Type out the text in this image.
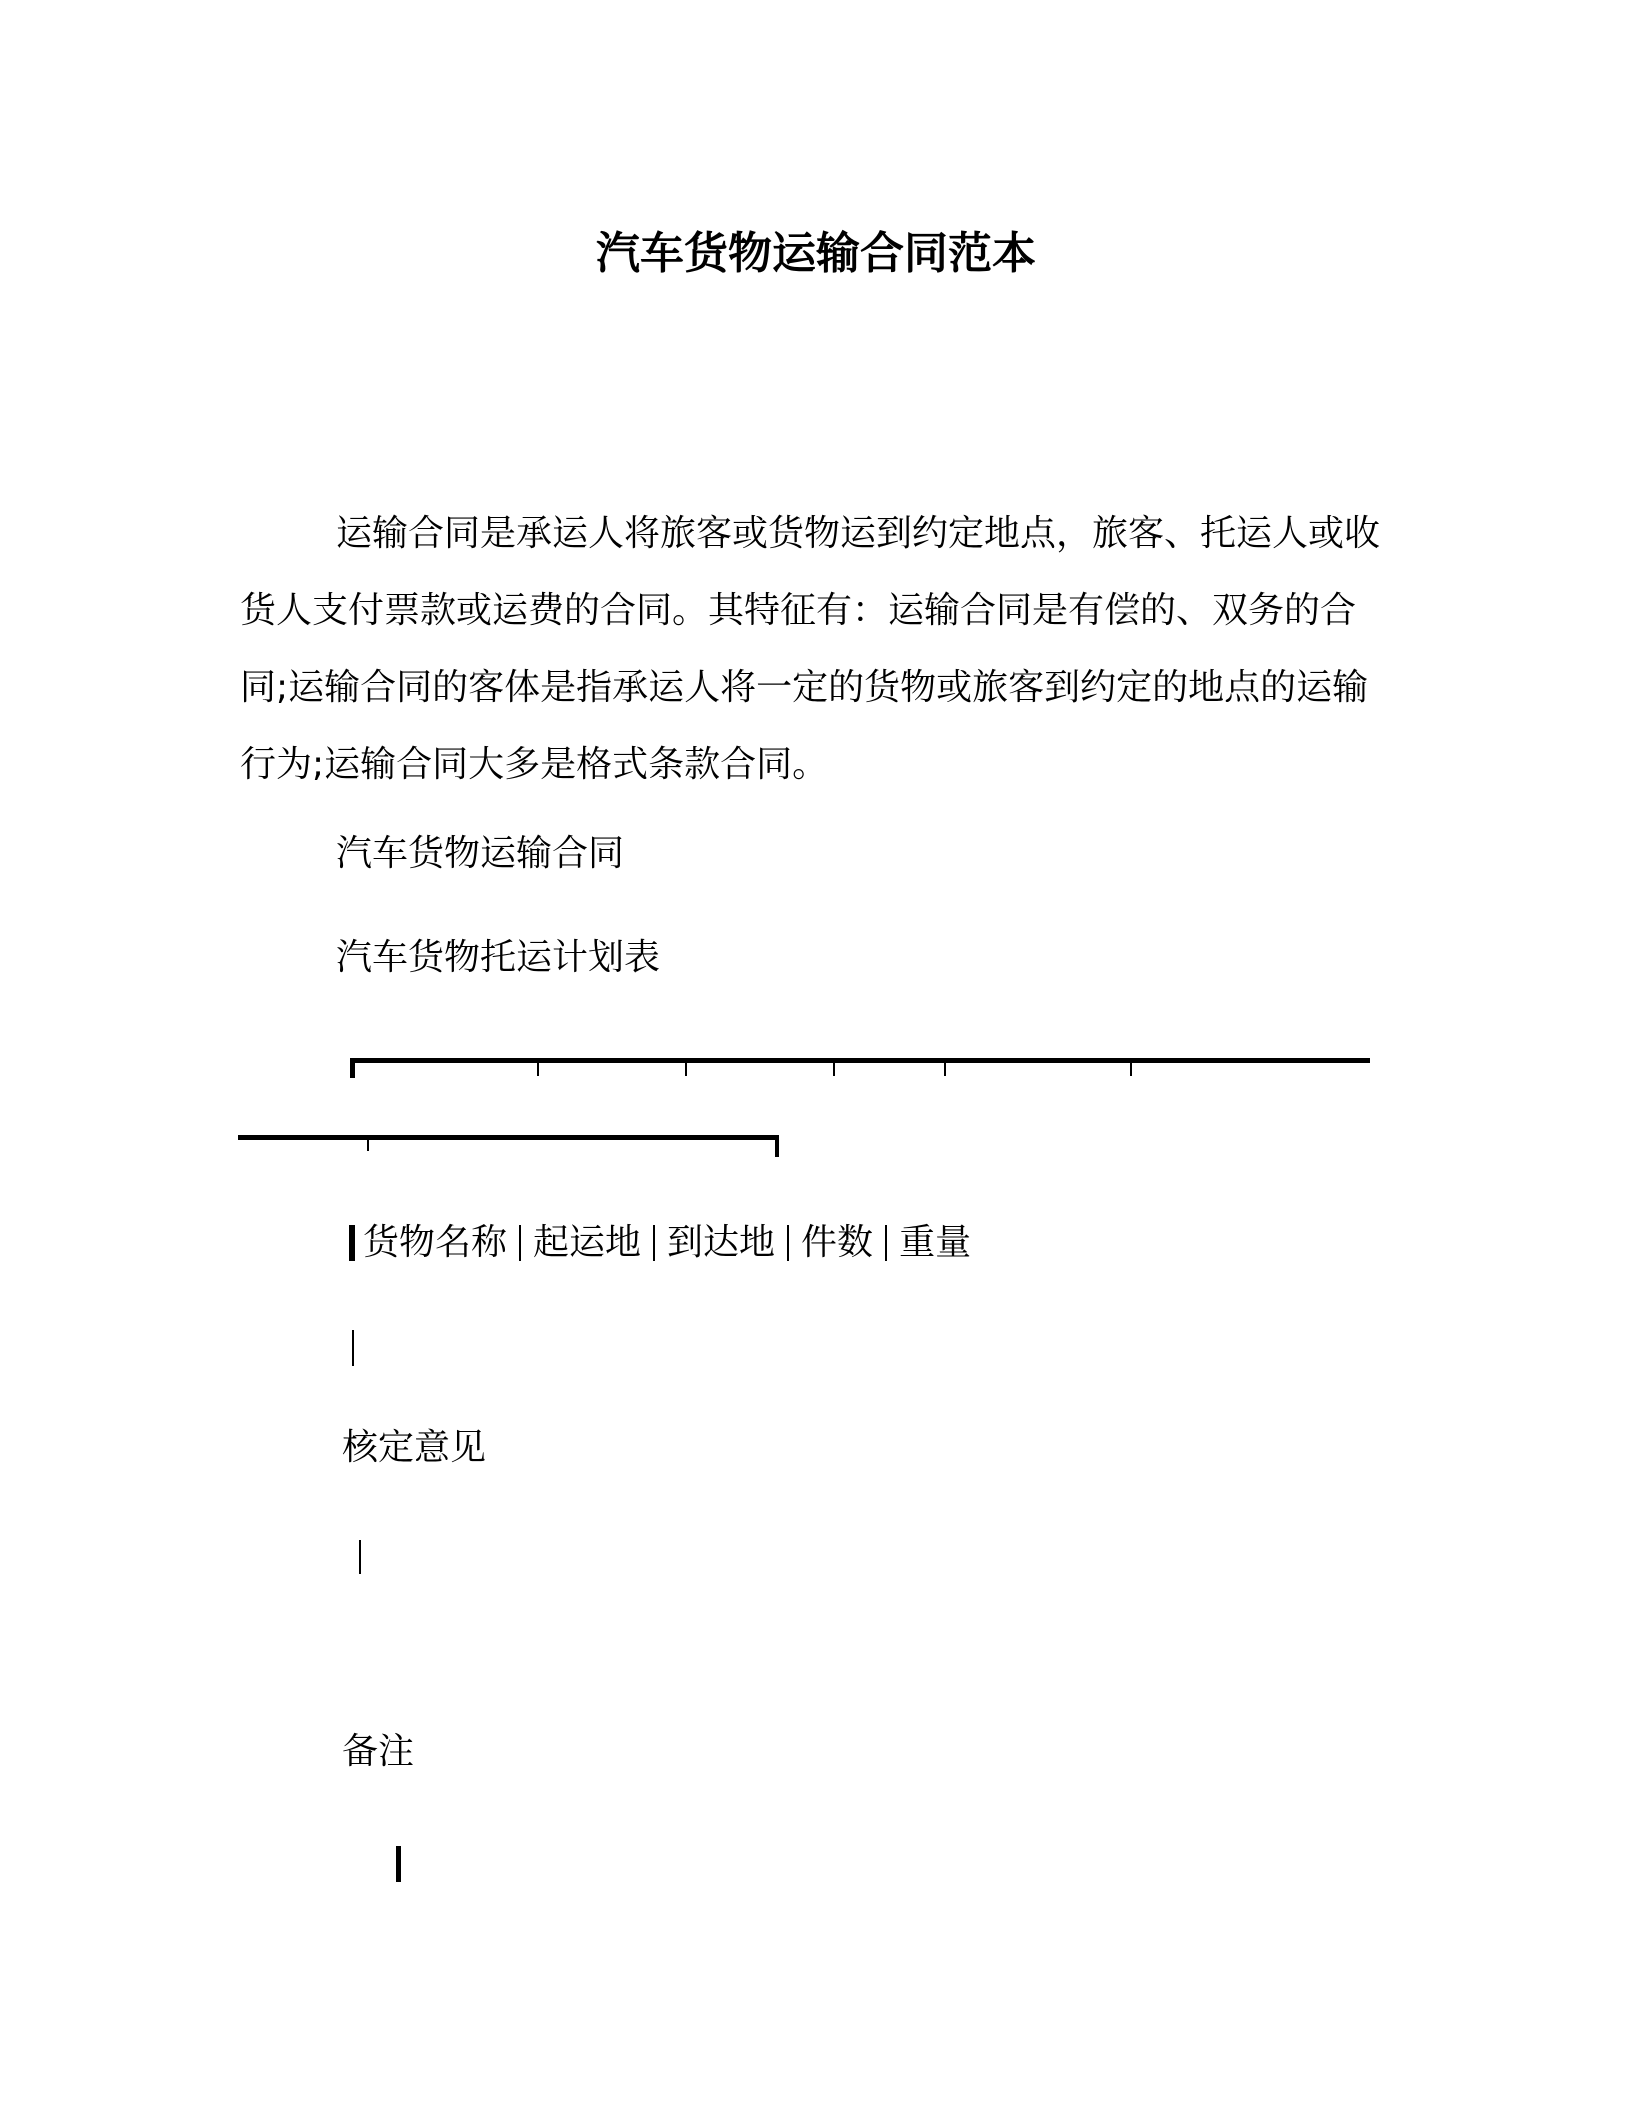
汽车货物运输合同范本

运输合同是承运人将旅客或货物运到约定地点，旅客、托运人或收货人支付票款或运费的合同。其特征有：运输合同是有偿的、双务的合同;运输合同的客体是指承运人将一定的货物或旅客到约定的地点的运输行为;运输合同大多是格式条款合同。

汽车货物运输合同
汽车货物托运计划表
货物名称 起运地 到达地 件数 重量
核定意见
备注
